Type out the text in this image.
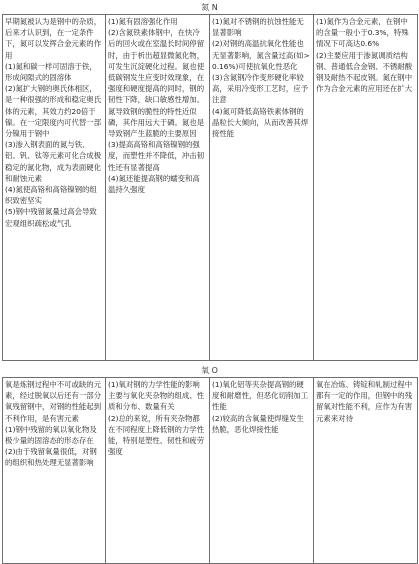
氮 N
早期氮被认为是钢中的杂质，后来才认识到，在一定条件下，氮可以发挥合金元素的作用
(1)氮和碳一样可固溶于铁，形成间隙式的固溶体
(2)氮扩大钢的奥氏体相区，是一种很强的形成和稳定奥氏体的元素，其效力约20倍于镍。在一定限度内可代替一部分镍用于钢中
(3)渗入钢表面的氮与铁、铝、钒、钛等元素可化合成极稳定的氮化物，成为表面硬化和耐蚀元素
(4)氮使高铬和高铬镍钢的组织致密坚实
(5)钢中残留氮量过高会导致宏观组织疏松或气孔

(1)氮有固溶强化作用
(2)含氮铁素体钢中，在快冷后的回火或在室温长时间停留时，由于析出超显微氮化物，可发生沉淀硬化过程。氮也使低碳钢发生应变时效现象，在强度和硬度提高的同时，钢的韧性下降，缺口敏感性增加。氮导致钢的脆性的特性近似磷，其作用远大于磷。氮也是导致钢产生蓝脆的主要原因
(3)提高高铬和高铬镍钢的强度，而塑性并不降低，冲击韧性还有显著提高
(4)氮还能提高钢的蠕变和高温持久强度

(1)氮对不锈钢的抗蚀性能无显著影响
(2)对钢的高温抗氧化性能也无显著影响，氮含量过高(如>0.16%)可使抗氧化性恶化
(3)含氮钢冷作变形硬化率较高，采用冷变形工艺时，应予注意
(4)氮可降低高铬铁素体钢的晶粒长大倾向，从而改善其焊接性能

(1)氮作为合金元素，在钢中的含量一般小于0.3%，特殊情况下可高达0.6%
(2)主要应用于渗氮调质结构钢、普通低合金钢、不锈耐酸钢及耐热不起皮钢。氮在钢中作为合金元素的应用还在扩大
氧 O
氧是炼钢过程中不可或缺的元素，经过脱氧以后还有一部分氧残留钢中，对钢的性能起到不利作用，是有害元素
(1)钢中残留的氧以氧化物及极少量的固溶态的形态存在
(2)由于残留氧量很低，对钢的组织和热处理无显著影响

(1)氧对钢的力学性能的影响主要与氧化夹杂物的组成、性质和分布、数量有关
(2)总的来说，所有夹杂物都在不同程度上降低钢的力学性能，特别是塑性、韧性和疲劳强度

(1)氧化铝等夹杂提高钢的硬度和耐磨性，但恶化切削加工性能
(2)较高的含氧量使焊缝发生热脆，恶化焊接性能

氧在冶炼、铸锭和轧制过程中都有一定的作用，但钢中的残留氧对性能不利，应作为有害元素来对待
